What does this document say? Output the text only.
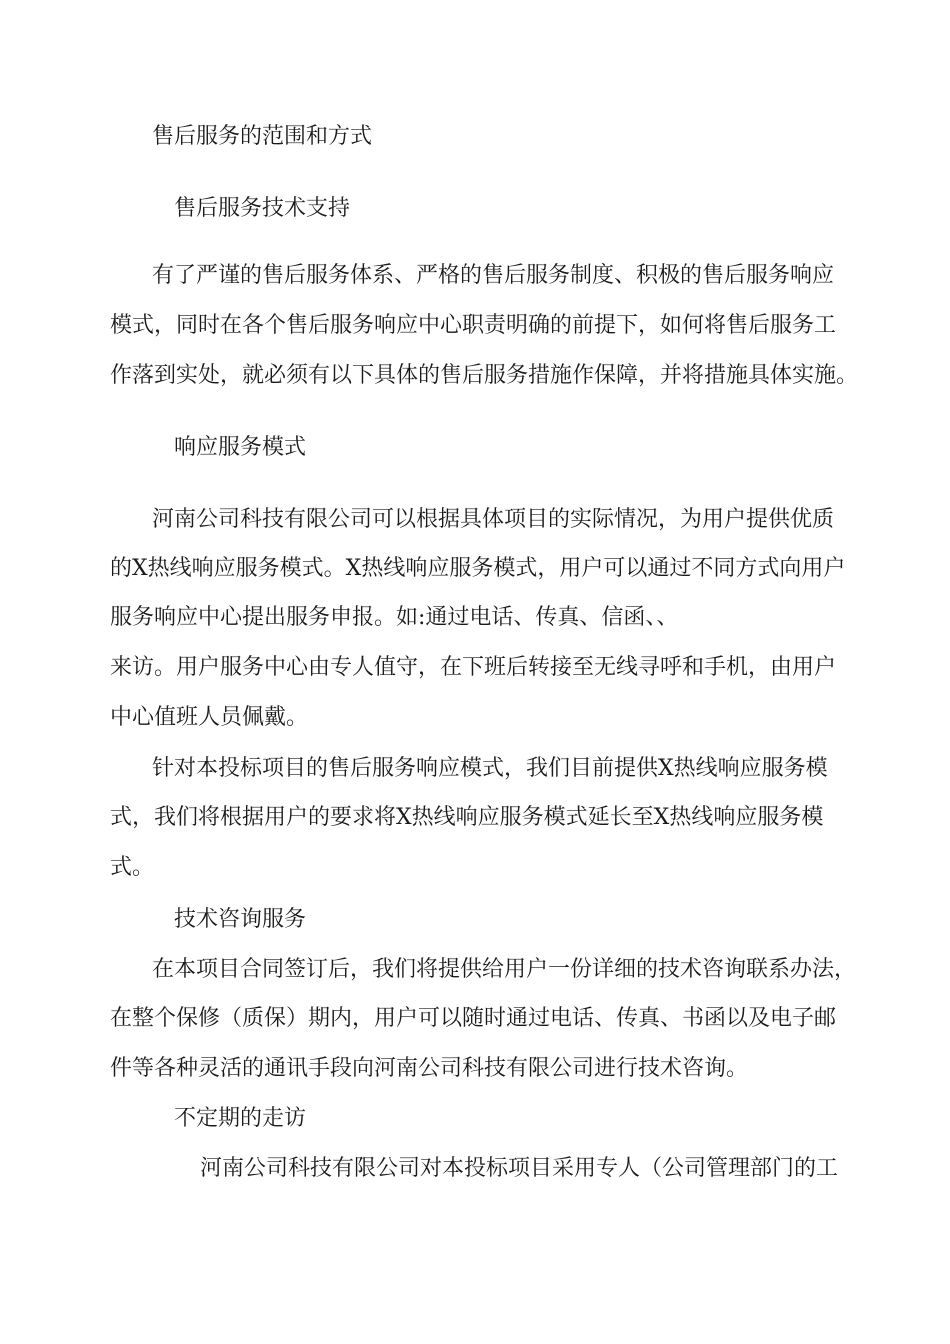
售后服务的范围和方式

售后服务技术支持

有了严谨的售后服务体系、严格的售后服务制度、积极的售后服务响应

模式，同时在各个售后服务响应中心职责明确的前提下，如何将售后服务工

作落到实处，就必须有以下具体的售后服务措施作保障，并将措施具体实施。

响应服务模式

河南公司科技有限公司可以根据具体项目的实际情况，为用户提供优质

的X热线响应服务模式。X热线响应服务模式，用户可以通过不同方式向用户

服务响应中心提出服务申报。如:通过电话、传真、信函、、

来访。用户服务中心由专人值守，在下班后转接至无线寻呼和手机，由用户

中心值班人员佩戴。

针对本投标项目的售后服务响应模式，我们目前提供X热线响应服务模

式，我们将根据用户的要求将X热线响应服务模式延长至X热线响应服务模

式。

技术咨询服务

在本项目合同签订后，我们将提供给用户一份详细的技术咨询联系办法，

在整个保修（质保）期内，用户可以随时通过电话、传真、书函以及电子邮

件等各种灵活的通讯手段向河南公司科技有限公司进行技术咨询。

不定期的走访

河南公司科技有限公司对本投标项目采用专人（公司管理部门的工
